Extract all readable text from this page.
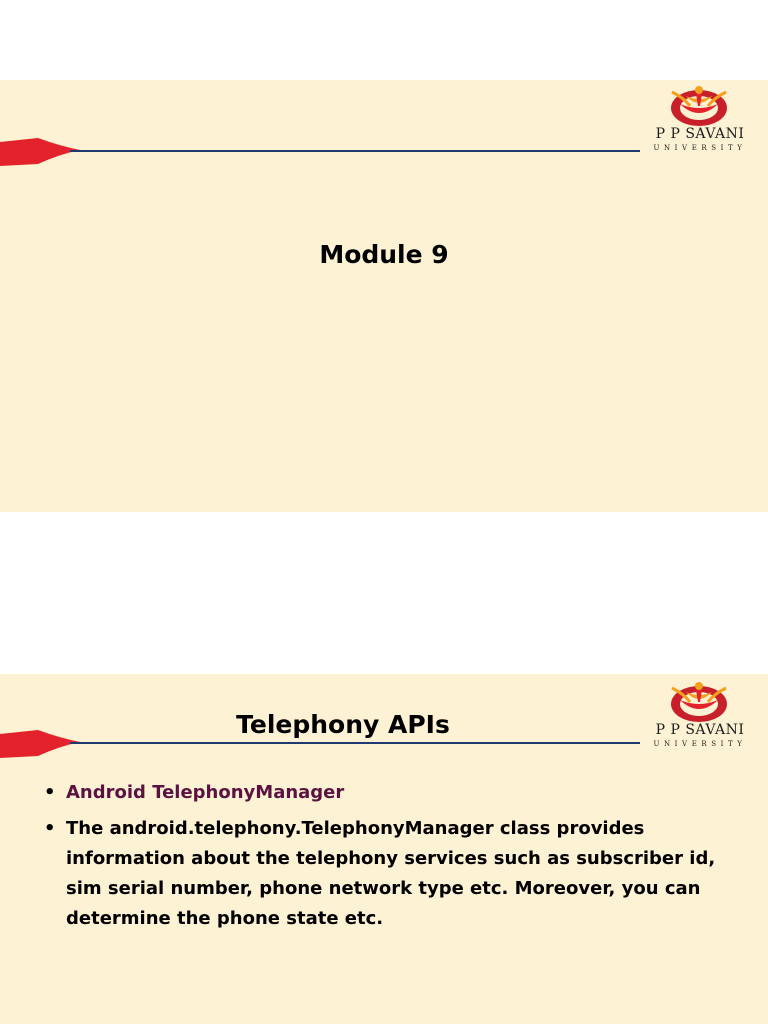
P P SAVANI
UNIVERSITY
Module 9
P P SAVANI
UNIVERSITY
Telephony APIs
• Android TelephonyManager
• The android.telephony.TelephonyManager class provides information about the telephony services such as subscriber id, sim serial number, phone network type etc. Moreover, you can determine the phone state etc.
